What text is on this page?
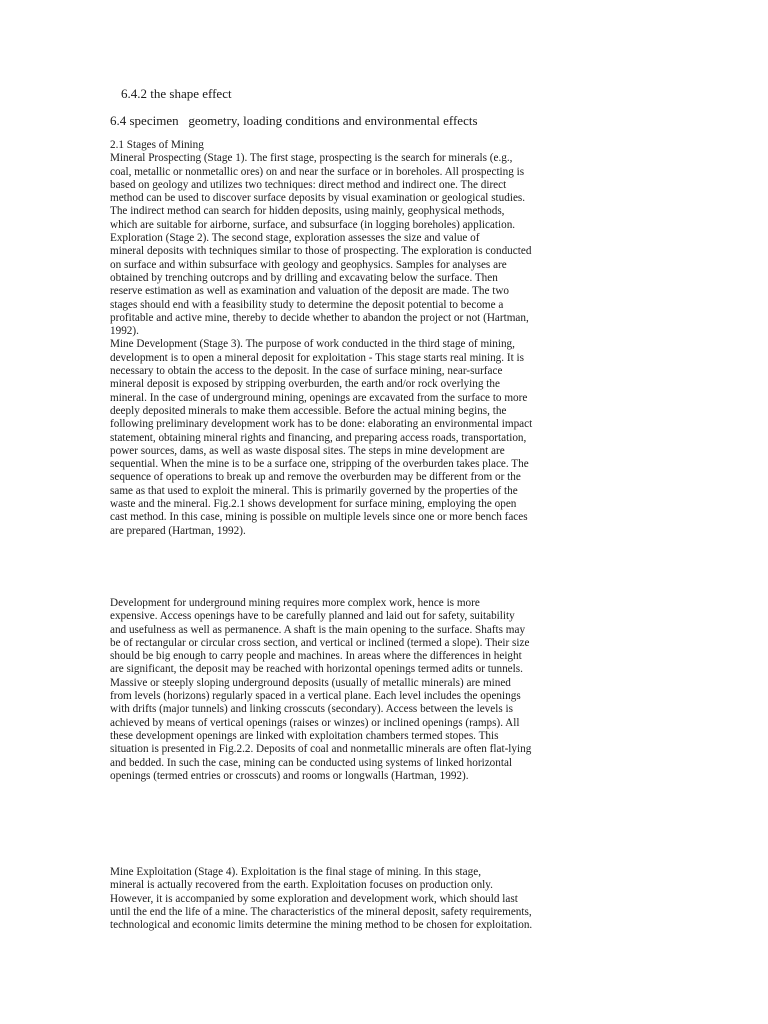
6.4.2 the shape effect
6.4 specimen   geometry, loading conditions and environmental effects
2.1 Stages of Mining
Mineral Prospecting (Stage 1). The first stage, prospecting is the search for minerals (e.g.,
coal, metallic or nonmetallic ores) on and near the surface or in boreholes. All prospecting is
based on geology and utilizes two techniques: direct method and indirect one. The direct
method can be used to discover surface deposits by visual examination or geological studies.
The indirect method can search for hidden deposits, using mainly, geophysical methods,
which are suitable for airborne, surface, and subsurface (in logging boreholes) application.
Exploration (Stage 2). The second stage, exploration assesses the size and value of
mineral deposits with techniques similar to those of prospecting. The exploration is conducted
on surface and within subsurface with geology and geophysics. Samples for analyses are
obtained by trenching outcrops and by drilling and excavating below the surface. Then
reserve estimation as well as examination and valuation of the deposit are made. The two
stages should end with a feasibility study to determine the deposit potential to become a
profitable and active mine, thereby to decide whether to abandon the project or not (Hartman,
1992).
Mine Development (Stage 3). The purpose of work conducted in the third stage of mining,
development is to open a mineral deposit for exploitation - This stage starts real mining. It is
necessary to obtain the access to the deposit. In the case of surface mining, near-surface
mineral deposit is exposed by stripping overburden, the earth and/or rock overlying the
mineral. In the case of underground mining, openings are excavated from the surface to more
deeply deposited minerals to make them accessible. Before the actual mining begins, the
following preliminary development work has to be done: elaborating an environmental impact
statement, obtaining mineral rights and financing, and preparing access roads, transportation,
power sources, dams, as well as waste disposal sites. The steps in mine development are
sequential. When the mine is to be a surface one, stripping of the overburden takes place. The
sequence of operations to break up and remove the overburden may be different from or the
same as that used to exploit the mineral. This is primarily governed by the properties of the
waste and the mineral. Fig.2.1 shows development for surface mining, employing the open
cast method. In this case, mining is possible on multiple levels since one or more bench faces
are prepared (Hartman, 1992).
Development for underground mining requires more complex work, hence is more
expensive. Access openings have to be carefully planned and laid out for safety, suitability
and usefulness as well as permanence. A shaft is the main opening to the surface. Shafts may
be of rectangular or circular cross section, and vertical or inclined (termed a slope). Their size
should be big enough to carry people and machines. In areas where the differences in height
are significant, the deposit may be reached with horizontal openings termed adits or tunnels.
Massive or steeply sloping underground deposits (usually of metallic minerals) are mined
from levels (horizons) regularly spaced in a vertical plane. Each level includes the openings
with drifts (major tunnels) and linking crosscuts (secondary). Access between the levels is
achieved by means of vertical openings (raises or winzes) or inclined openings (ramps). All
these development openings are linked with exploitation chambers termed stopes. This
situation is presented in Fig.2.2. Deposits of coal and nonmetallic minerals are often flat-lying
and bedded. In such the case, mining can be conducted using systems of linked horizontal
openings (termed entries or crosscuts) and rooms or longwalls (Hartman, 1992).
Mine Exploitation (Stage 4). Exploitation is the final stage of mining. In this stage,
mineral is actually recovered from the earth. Exploitation focuses on production only.
However, it is accompanied by some exploration and development work, which should last
until the end the life of a mine. The characteristics of the mineral deposit, safety requirements,
technological and economic limits determine the mining method to be chosen for exploitation.
